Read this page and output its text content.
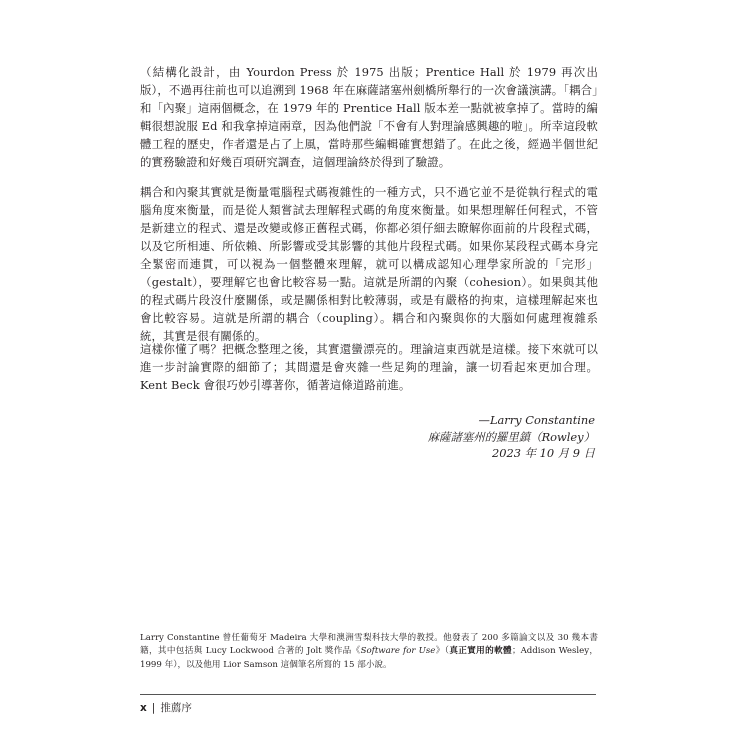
（結構化設計，由 Yourdon Press 於 1975 出版；Prentice Hall 於 1979 再次出版），不過再往前也可以追溯到 1968 年在麻薩諸塞州劍橋所舉行的一次會議演講。「耦合」和「內聚」這兩個概念，在 1979 年的 Prentice Hall 版本差一點就被拿掉了。當時的編輯很想說服 Ed 和我拿掉這兩章，因為他們說「不會有人對理論感興趣的啦」。所幸這段軟體工程的歷史，作者還是占了上風，當時那些編輯確實想錯了。在此之後，經過半個世紀的實務驗證和好幾百項研究調查，這個理論終於得到了驗證。

耦合和內聚其實就是衡量電腦程式碼複雜性的一種方式，只不過它並不是從執行程式的電腦角度來衡量，而是從人類嘗試去理解程式碼的角度來衡量。如果想理解任何程式，不管是新建立的程式、還是改變或修正舊程式碼，你都必須仔細去瞭解你面前的片段程式碼，以及它所相連、所依賴、所影響或受其影響的其他片段程式碼。如果你某段程式碼本身完全緊密而連貫，可以視為一個整體來理解，就可以構成認知心理學家所說的「完形」（gestalt），要理解它也會比較容易一點。這就是所謂的內聚（cohesion）。如果與其他的程式碼片段沒什麼關係，或是關係相對比較薄弱，或是有嚴格的拘束，這樣理解起來也會比較容易。這就是所謂的耦合（coupling）。耦合和內聚與你的大腦如何處理複雜系統，其實是很有關係的。

這樣你懂了嗎？把概念整理之後，其實還蠻漂亮的。理論這東西就是這樣。接下來就可以進一步討論實際的細節了；其間還是會夾雜一些足夠的理論，讓一切看起來更加合理。Kent Beck 會很巧妙引導著你，循著這條道路前進。

—Larry Constantine
麻薩諸塞州的羅里鎮（Rowley）
2023 年 10 月 9 日

Larry Constantine 曾任葡萄牙 Madeira 大學和澳洲雪梨科技大學的教授。他發表了 200 多篇論文以及 30 幾本書籍，其中包括與 Lucy Lockwood 合著的 Jolt 獎作品《Software for Use》（真正實用的軟體；Addison Wesley，1999 年），以及他用 Lior Samson 這個筆名所寫的 15 部小說。

x | 推薦序
